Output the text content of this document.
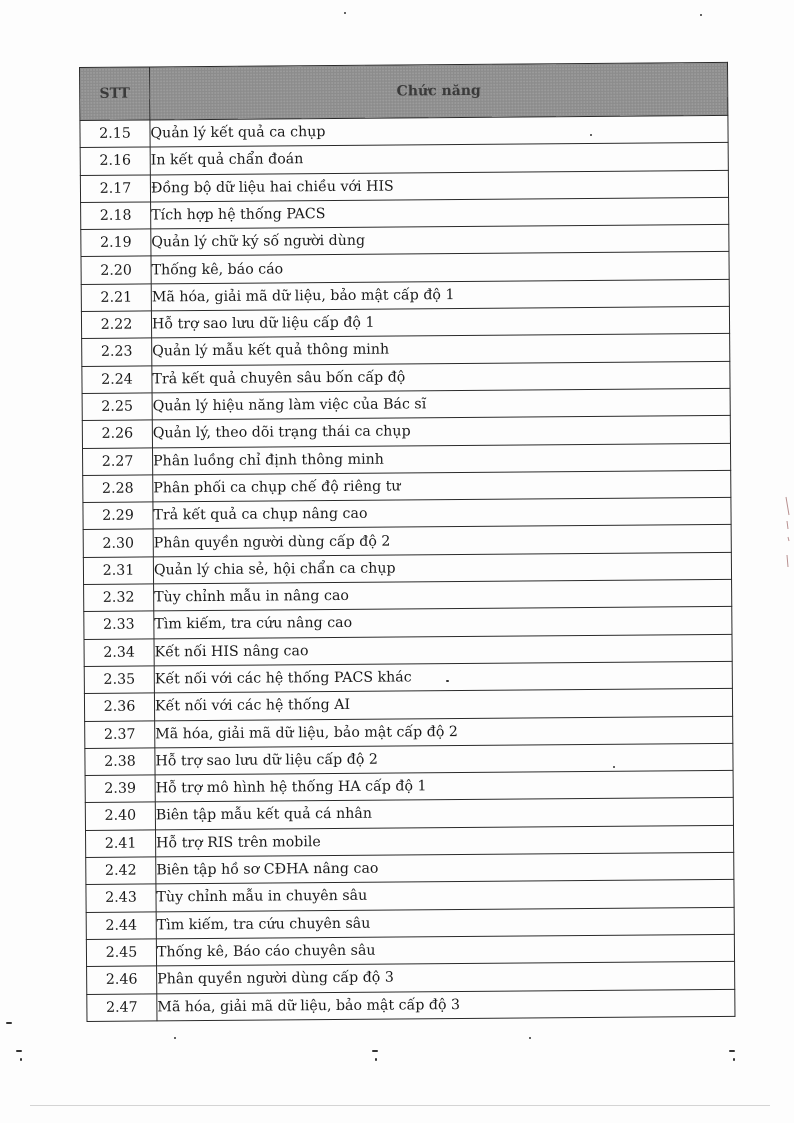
STT	Chức năng
2.15	Quản lý kết quả ca chụp
2.16	In kết quả chẩn đoán
2.17	Đồng bộ dữ liệu hai chiều với HIS
2.18	Tích hợp hệ thống PACS
2.19	Quản lý chữ ký số người dùng
2.20	Thống kê, báo cáo
2.21	Mã hóa, giải mã dữ liệu, bảo mật cấp độ 1
2.22	Hỗ trợ sao lưu dữ liệu cấp độ 1
2.23	Quản lý mẫu kết quả thông minh
2.24	Trả kết quả chuyên sâu bốn cấp độ
2.25	Quản lý hiệu năng làm việc của Bác sĩ
2.26	Quản lý, theo dõi trạng thái ca chụp
2.27	Phân luồng chỉ định thông minh
2.28	Phân phối ca chụp chế độ riêng tư
2.29	Trả kết quả ca chụp nâng cao
2.30	Phân quyền người dùng cấp độ 2
2.31	Quản lý chia sẻ, hội chẩn ca chụp
2.32	Tùy chỉnh mẫu in nâng cao
2.33	Tìm kiếm, tra cứu nâng cao
2.34	Kết nối HIS nâng cao
2.35	Kết nối với các hệ thống PACS khác
2.36	Kết nối với các hệ thống AI
2.37	Mã hóa, giải mã dữ liệu, bảo mật cấp độ 2
2.38	Hỗ trợ sao lưu dữ liệu cấp độ 2
2.39	Hỗ trợ mô hình hệ thống HA cấp độ 1
2.40	Biên tập mẫu kết quả cá nhân
2.41	Hỗ trợ RIS trên mobile
2.42	Biên tập hồ sơ CĐHA nâng cao
2.43	Tùy chỉnh mẫu in chuyên sâu
2.44	Tìm kiếm, tra cứu chuyên sâu
2.45	Thống kê, Báo cáo chuyên sâu
2.46	Phân quyền người dùng cấp độ 3
2.47	Mã hóa, giải mã dữ liệu, bảo mật cấp độ 3
